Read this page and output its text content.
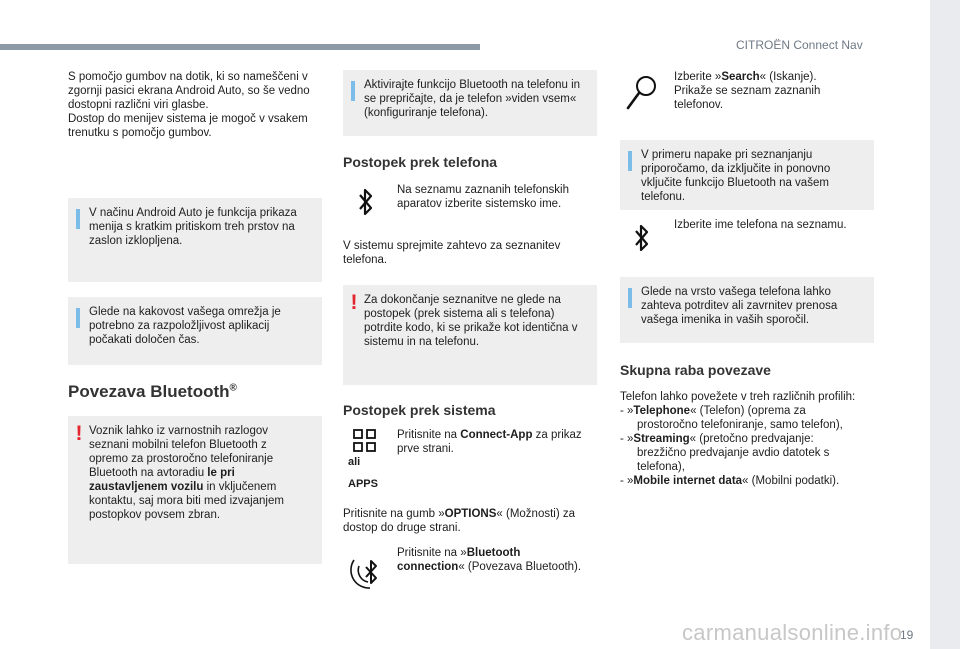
CITROËN Connect Nav
S pomočjo gumbov na dotik, ki so nameščeni v
zgornji pasici ekrana Android Auto, so še vedno
dostopni različni viri glasbe.
Dostop do menijev sistema je mogoč v vsakem
trenutku s pomočjo gumbov.
V načinu Android Auto je funkcija prikaza
menija s kratkim pritiskom treh prstov na
zaslon izklopljena.
Glede na kakovost vašega omrežja je
potrebno za razpoložljivost aplikacij
počakati določen čas.
Povezava Bluetooth®
! Voznik lahko iz varnostnih razlogov
seznani mobilni telefon Bluetooth z
opremo za prostoročno telefoniranje
Bluetooth na avtoradiu le pri
zaustavljenem vozilu in vključenem
kontaktu, saj mora biti med izvajanjem
postopkov povsem zbran.
Aktivirajte funkcijo Bluetooth na telefonu in
se prepričajte, da je telefon »viden vsem«
(konfiguriranje telefona).
Postopek prek telefona
Na seznamu zaznanih telefonskih
aparatov izberite sistemsko ime.
V sistemu sprejmite zahtevo za seznanitev
telefona.
! Za dokončanje seznanitve ne glede na
postopek (prek sistema ali s telefona)
potrdite kodo, ki se prikaže kot identična v
sistemu in na telefonu.
Postopek prek sistema
ali
APPS
Pritisnite na Connect-App za prikaz
prve strani.
Pritisnite na gumb »OPTIONS« (Možnosti) za
dostop do druge strani.
Pritisnite na »Bluetooth
connection« (Povezava Bluetooth).
Izberite »Search« (Iskanje).
Prikaže se seznam zaznanih
telefonov.
V primeru napake pri seznanjanju
priporočamo, da izključite in ponovno
vključite funkcijo Bluetooth na vašem
telefonu.
Izberite ime telefona na seznamu.
Glede na vrsto vašega telefona lahko
zahteva potrditev ali zavrnitev prenosa
vašega imenika in vaših sporočil.
Skupna raba povezave
Telefon lahko povežete v treh različnih profilih:
- »Telephone« (Telefon) (oprema za
prostoročno telefoniranje, samo telefon),
- »Streaming« (pretočno predvajanje:
brezžično predvajanje avdio datotek s
telefona),
- »Mobile internet data« (Mobilni podatki).
19
carmanualsonline.info
